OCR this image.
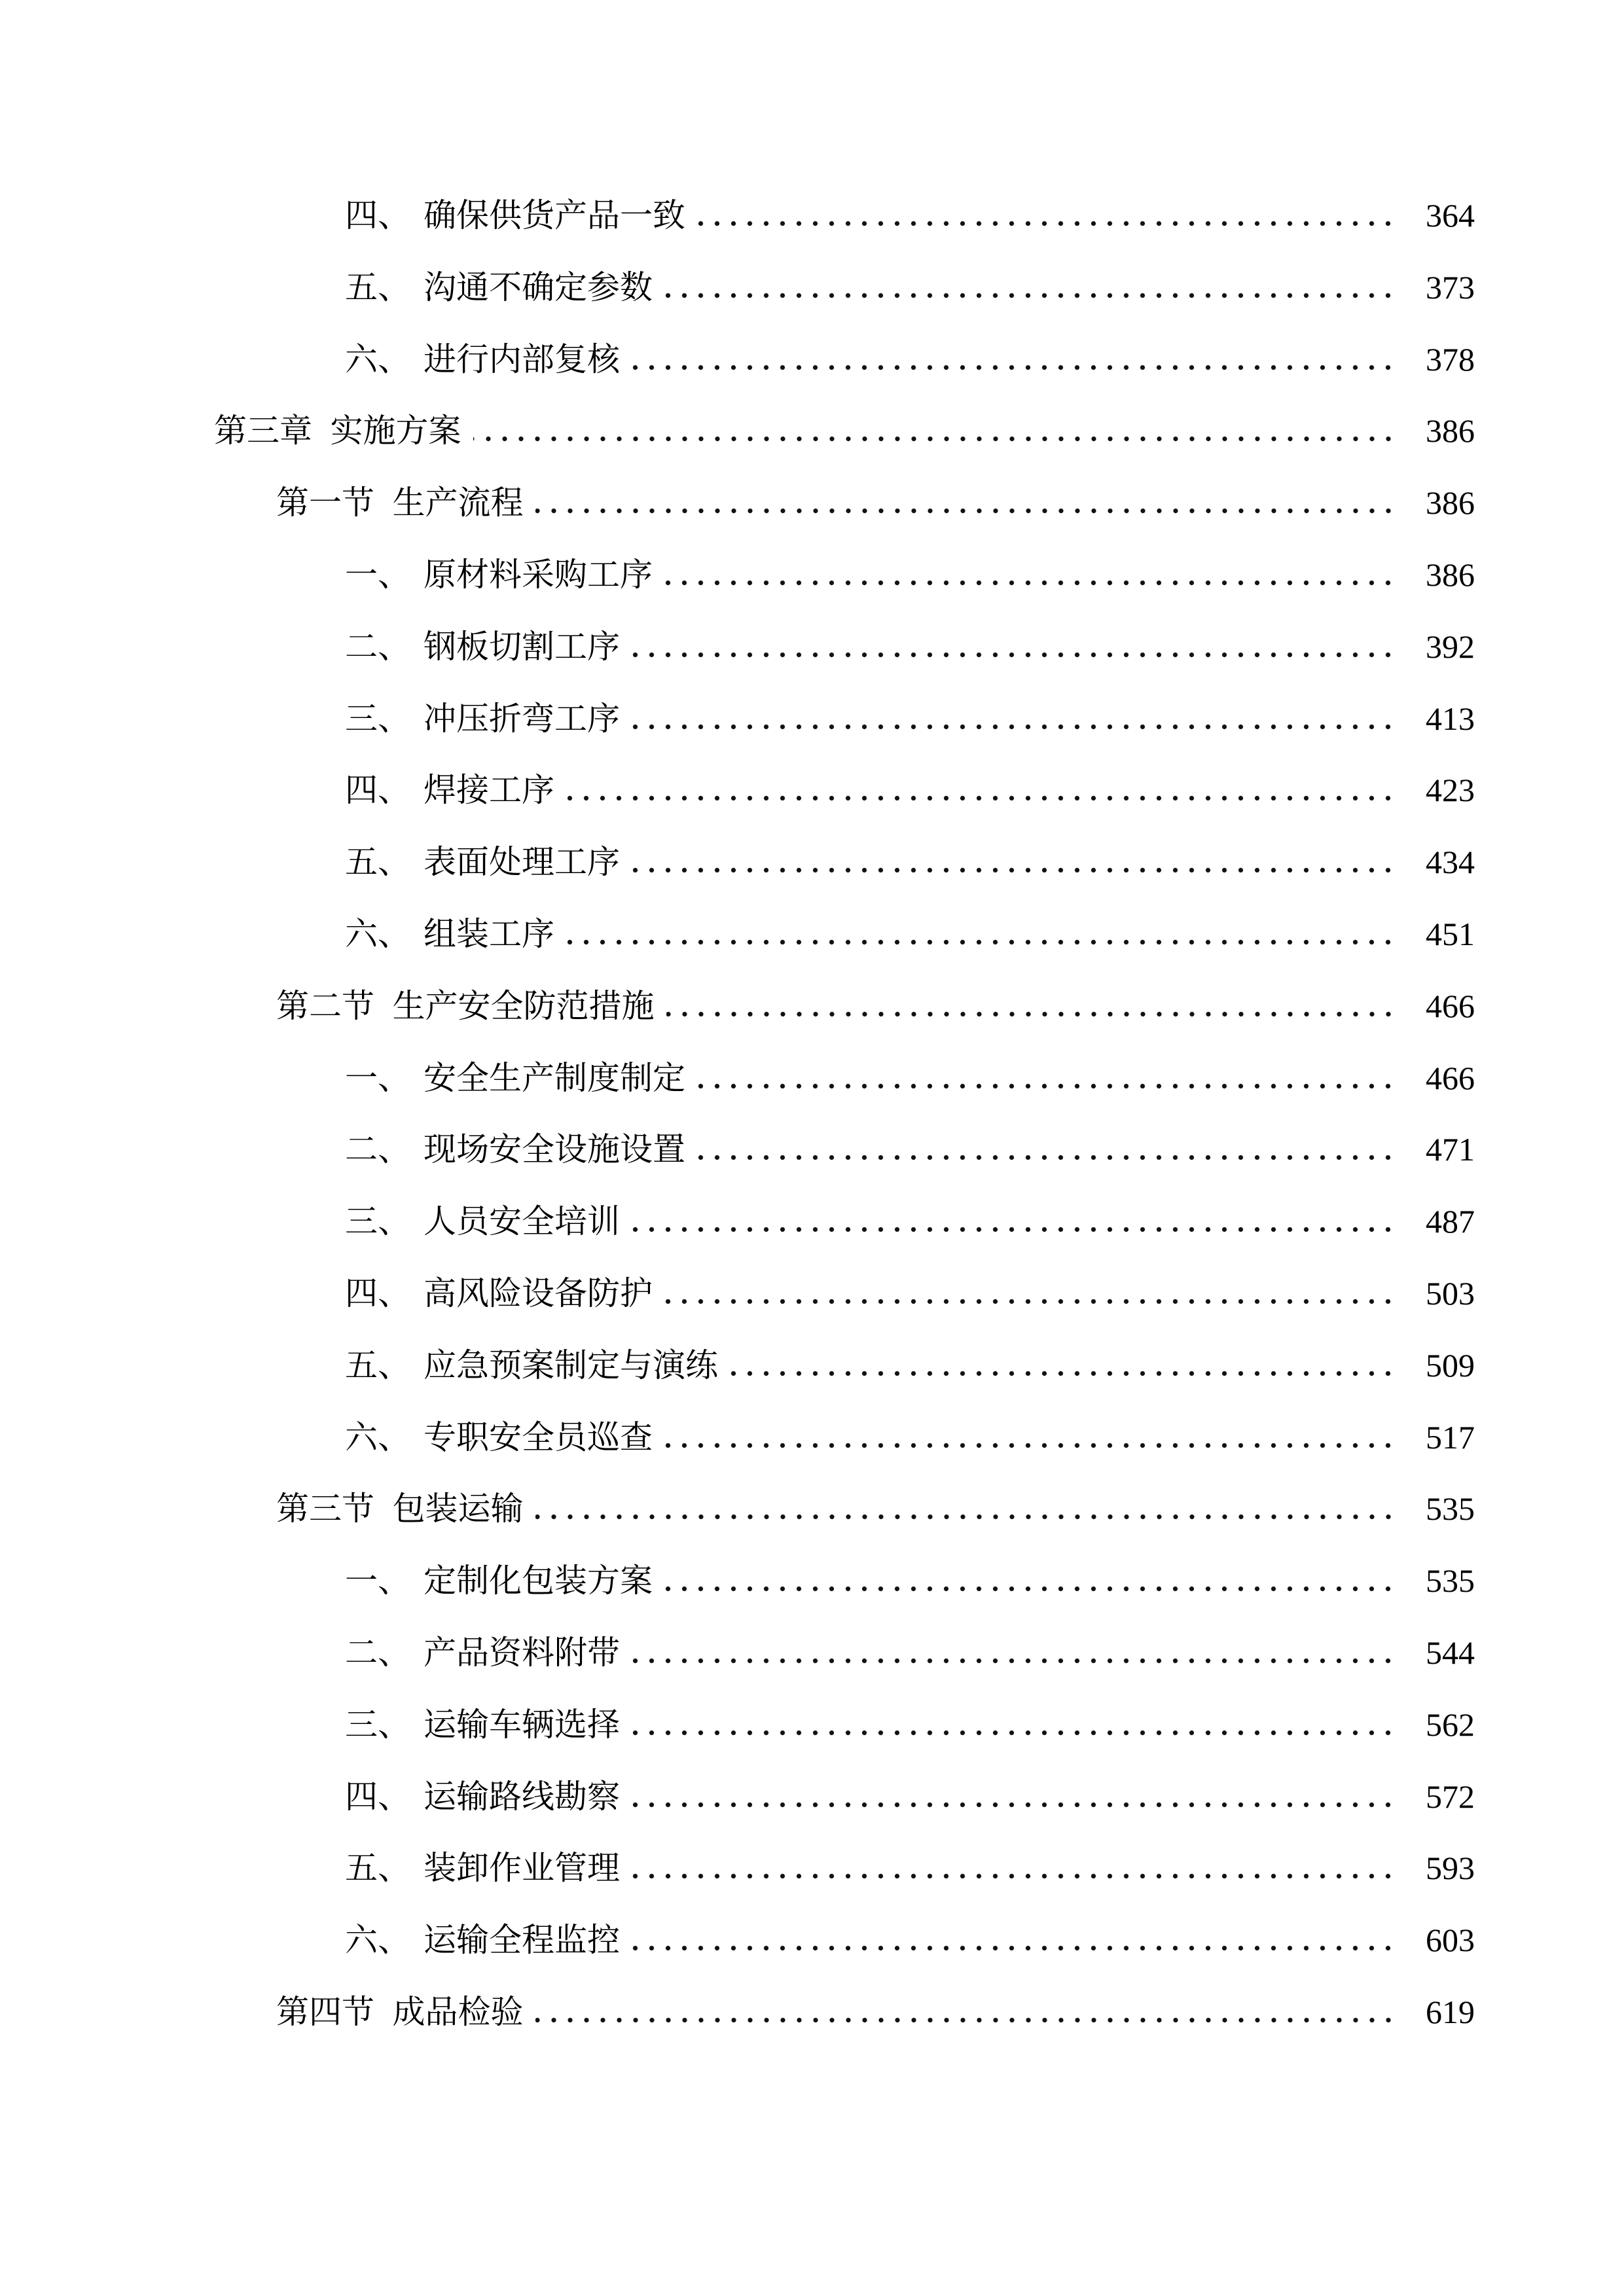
四、 确保供货产品一致	364
五、 沟通不确定参数	373
六、 进行内部复核	378
第三章 实施方案	386
第一节 生产流程	386
一、 原材料采购工序	386
二、 钢板切割工序	392
三、 冲压折弯工序	413
四、 焊接工序	423
五、 表面处理工序	434
六、 组装工序	451
第二节 生产安全防范措施	466
一、 安全生产制度制定	466
二、 现场安全设施设置	471
三、 人员安全培训	487
四、 高风险设备防护	503
五、 应急预案制定与演练	509
六、 专职安全员巡查	517
第三节 包装运输	535
一、 定制化包装方案	535
二、 产品资料附带	544
三、 运输车辆选择	562
四、 运输路线勘察	572
五、 装卸作业管理	593
六、 运输全程监控	603
第四节 成品检验	619
